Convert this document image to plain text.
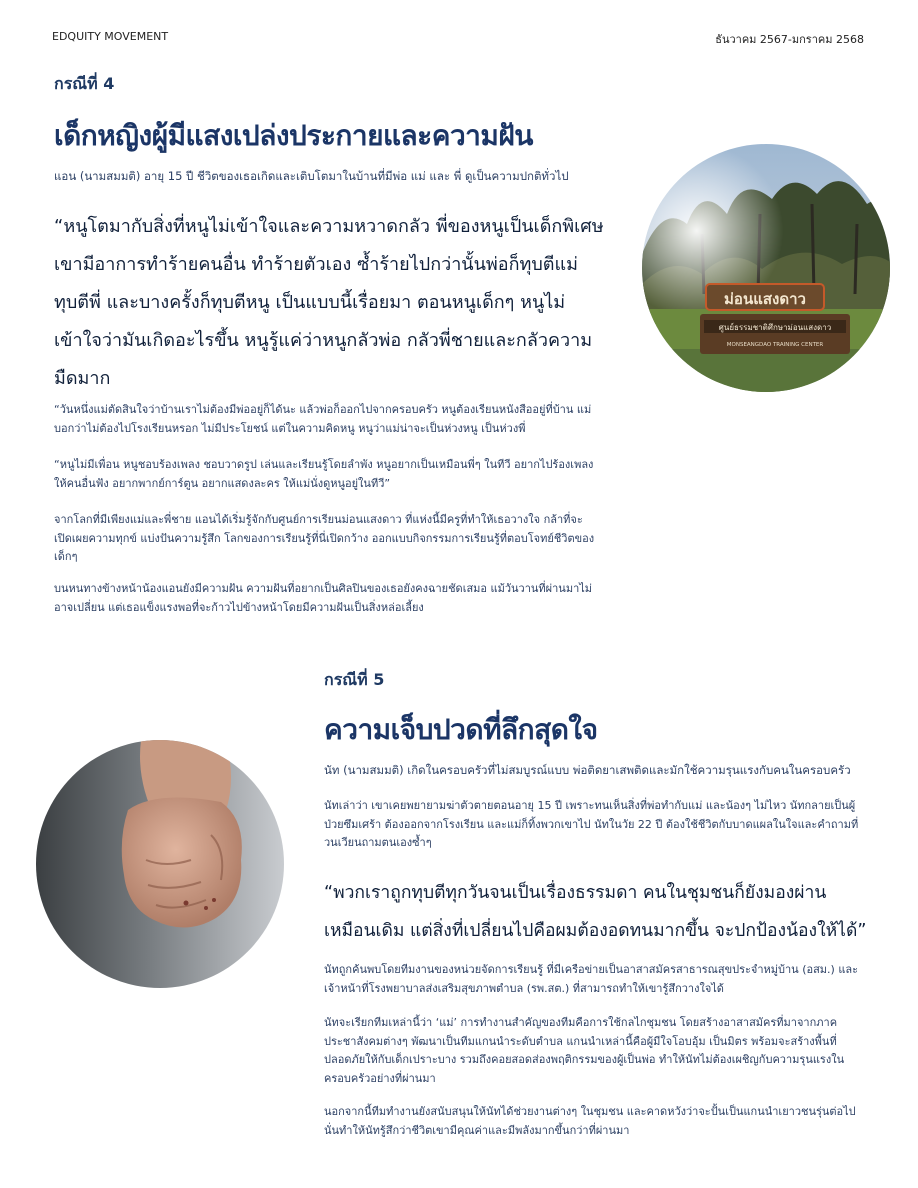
EDQUITY MOVEMENT	ธันวาคม 2567-มกราคม 2568
กรณีที่ 4
เด็กหญิงผู้มีแสงเปล่งประกายและความฝัน
แอน (นามสมมติ) อายุ 15 ปี ชีวิตของเธอเกิดและเติบโตมาในบ้านที่มีพ่อ แม่ และ พี่ ดูเป็นความปกติทั่วไป
“หนูโตมากับสิ่งที่หนูไม่เข้าใจและความหวาดกลัว พี่ของหนูเป็นเด็กพิเศษ เขามีอาการทำร้ายคนอื่น ทำร้ายตัวเอง ซ้ำร้ายไปกว่านั้นพ่อก็ทุบตีแม่ ทุบตีพี่ และบางครั้งก็ทุบตีหนู เป็นแบบนี้เรื่อยมา ตอนหนูเด็กๆ หนูไม่เข้าใจว่ามันเกิดอะไรขึ้น หนูรู้แค่ว่าหนูกลัวพ่อ กลัวพี่ชายและกลัวความมืดมาก
“วันหนึ่งแม่ตัดสินใจว่าบ้านเราไม่ต้องมีพ่ออยู่ก็ได้นะ แล้วพ่อก็ออกไปจากครอบครัว หนูต้องเรียนหนังสืออยู่ที่บ้าน แม่บอกว่าไม่ต้องไปโรงเรียนหรอก ไม่มีประโยชน์ แต่ในความคิดหนู หนูว่าแม่น่าจะเป็นห่วงหนู เป็นห่วงพี่
“หนูไม่มีเพื่อน หนูชอบร้องเพลง ชอบวาดรูป เล่นและเรียนรู้โดยลำพัง หนูอยากเป็นเหมือนพี่ๆ ในทีวี อยากไปร้องเพลงให้คนอื่นฟัง อยากพากย์การ์ตูน อยากแสดงละคร ให้แม่นั่งดูหนูอยู่ในทีวี”
จากโลกที่มีเพียงแม่และพี่ชาย แอนได้เริ่มรู้จักกับศูนย์การเรียนม่อนแสงดาว ที่แห่งนี้มีครูที่ทำให้เธอวางใจ กล้าที่จะเปิดเผยความทุกข์ แบ่งปันความรู้สึก โลกของการเรียนรู้ที่นี่เปิดกว้าง ออกแบบกิจกรรมการเรียนรู้ที่ตอบโจทย์ชีวิตของเด็กๆ
บนหนทางข้างหน้าน้องแอนยังมีความฝัน ความฝันที่อยากเป็นศิลปินของเธอยังคงฉายชัดเสมอ แม้วันวานที่ผ่านมาไม่อาจเปลี่ยน แต่เธอแข็งแรงพอที่จะก้าวไปข้างหน้าโดยมีความฝันเป็นสิ่งหล่อเลี้ยง
ม่อนแสงดาว
ศูนย์ธรรมชาติศึกษาม่อนแสงดาว
MONSEANGDAO TRAINING CENTER
กรณีที่ 5
ความเจ็บปวดที่ลึกสุดใจ
นัท (นามสมมติ) เกิดในครอบครัวที่ไม่สมบูรณ์แบบ พ่อติดยาเสพติดและมักใช้ความรุนแรงกับคนในครอบครัว
นัทเล่าว่า เขาเคยพยายามฆ่าตัวตายตอนอายุ 15 ปี เพราะทนเห็นสิ่งที่พ่อทำกับแม่ และน้องๆ ไม่ไหว นัทกลายเป็นผู้ป่วยซึมเศร้า ต้องออกจากโรงเรียน และแม่ก็ทิ้งพวกเขาไป นัทในวัย 22 ปี ต้องใช้ชีวิตกับบาดแผลในใจและคำถามที่วนเวียนถามตนเองซ้ำๆ
“พวกเราถูกทุบตีทุกวันจนเป็นเรื่องธรรมดา คนในชุมชนก็ยังมองผ่านเหมือนเดิม แต่สิ่งที่เปลี่ยนไปคือผมต้องอดทนมากขึ้น จะปกป้องน้องให้ได้”
นัทถูกค้นพบโดยทีมงานของหน่วยจัดการเรียนรู้ ที่มีเครือข่ายเป็นอาสาสมัครสาธารณสุขประจำหมู่บ้าน (อสม.) และเจ้าหน้าที่โรงพยาบาลส่งเสริมสุขภาพตำบล (รพ.สต.) ที่สามารถทำให้เขารู้สึกวางใจได้
นัทจะเรียกทีมเหล่านี้ว่า ‘แม่’ การทำงานสำคัญของทีมคือการใช้กลไกชุมชน โดยสร้างอาสาสมัครที่มาจากภาคประชาสังคมต่างๆ พัฒนาเป็นทีมแกนนำระดับตำบล แกนนำเหล่านี้คือผู้มีใจโอบอุ้ม เป็นมิตร พร้อมจะสร้างพื้นที่ปลอดภัยให้กับเด็กเปราะบาง รวมถึงคอยสอดส่องพฤติกรรมของผู้เป็นพ่อ ทำให้นัทไม่ต้องเผชิญกับความรุนแรงในครอบครัวอย่างที่ผ่านมา
นอกจากนี้ทีมทำงานยังสนับสนุนให้นัทได้ช่วยงานต่างๆ ในชุมชน และคาดหวังว่าจะปั้นเป็นแกนนำเยาวชนรุ่นต่อไป นั่นทำให้นัทรู้สึกว่าชีวิตเขามีคุณค่าและมีพลังมากขึ้นกว่าที่ผ่านมา
